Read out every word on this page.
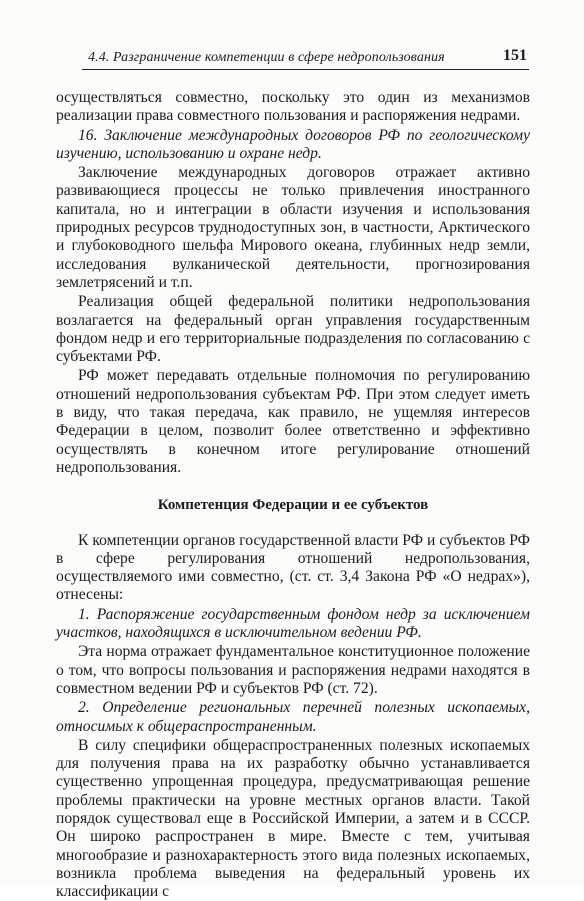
4.4. Разграничение компетенции в сфере недропользования	151

осуществляться совместно, поскольку это один из механизмов реализации права совместного пользования и распоряжения недрами.

16. Заключение международных договоров РФ по геологическому изучению, использованию и охране недр.

Заключение международных договоров отражает активно развивающиеся процессы не только привлечения иностранного капитала, но и интеграции в области изучения и использования природных ресурсов труднодоступных зон, в частности, Арктического и глубоководного шельфа Мирового океана, глубинных недр земли, исследования вулканической деятельности, прогнозирования землетрясений и т.п.

Реализация общей федеральной политики недропользования возлагается на федеральный орган управления государственным фондом недр и его территориальные подразделения по согласованию с субъектами РФ.

РФ может передавать отдельные полномочия по регулированию отношений недропользования субъектам РФ. При этом следует иметь в виду, что такая передача, как правило, не ущемляя интересов Федерации в целом, позволит более ответственно и эффективно осуществлять в конечном итоге регулирование отношений недропользования.

Компетенция Федерации и ее субъектов

К компетенции органов государственной власти РФ и субъектов РФ в сфере регулирования отношений недропользования, осуществляемого ими совместно, (ст. ст. 3,4 Закона РФ «О недрах»), отнесены:

1. Распоряжение государственным фондом недр за исключением участков, находящихся в исключительном ведении РФ.

Эта норма отражает фундаментальное конституционное положение о том, что вопросы пользования и распоряжения недрами находятся в совместном ведении РФ и субъектов РФ (ст. 72).

2. Определение региональных перечней полезных ископаемых, относимых к общераспространенным.

В силу специфики общераспространенных полезных ископаемых для получения права на их разработку обычно устанавливается существенно упрощенная процедура, предусматривающая решение проблемы практически на уровне местных органов власти. Такой порядок существовал еще в Российской Империи, а затем и в СССР. Он широко распространен в мире. Вместе с тем, учитывая многообразие и разнохарактерность этого вида полезных ископаемых, возникла проблема выведения на федеральный уровень их классификации с
